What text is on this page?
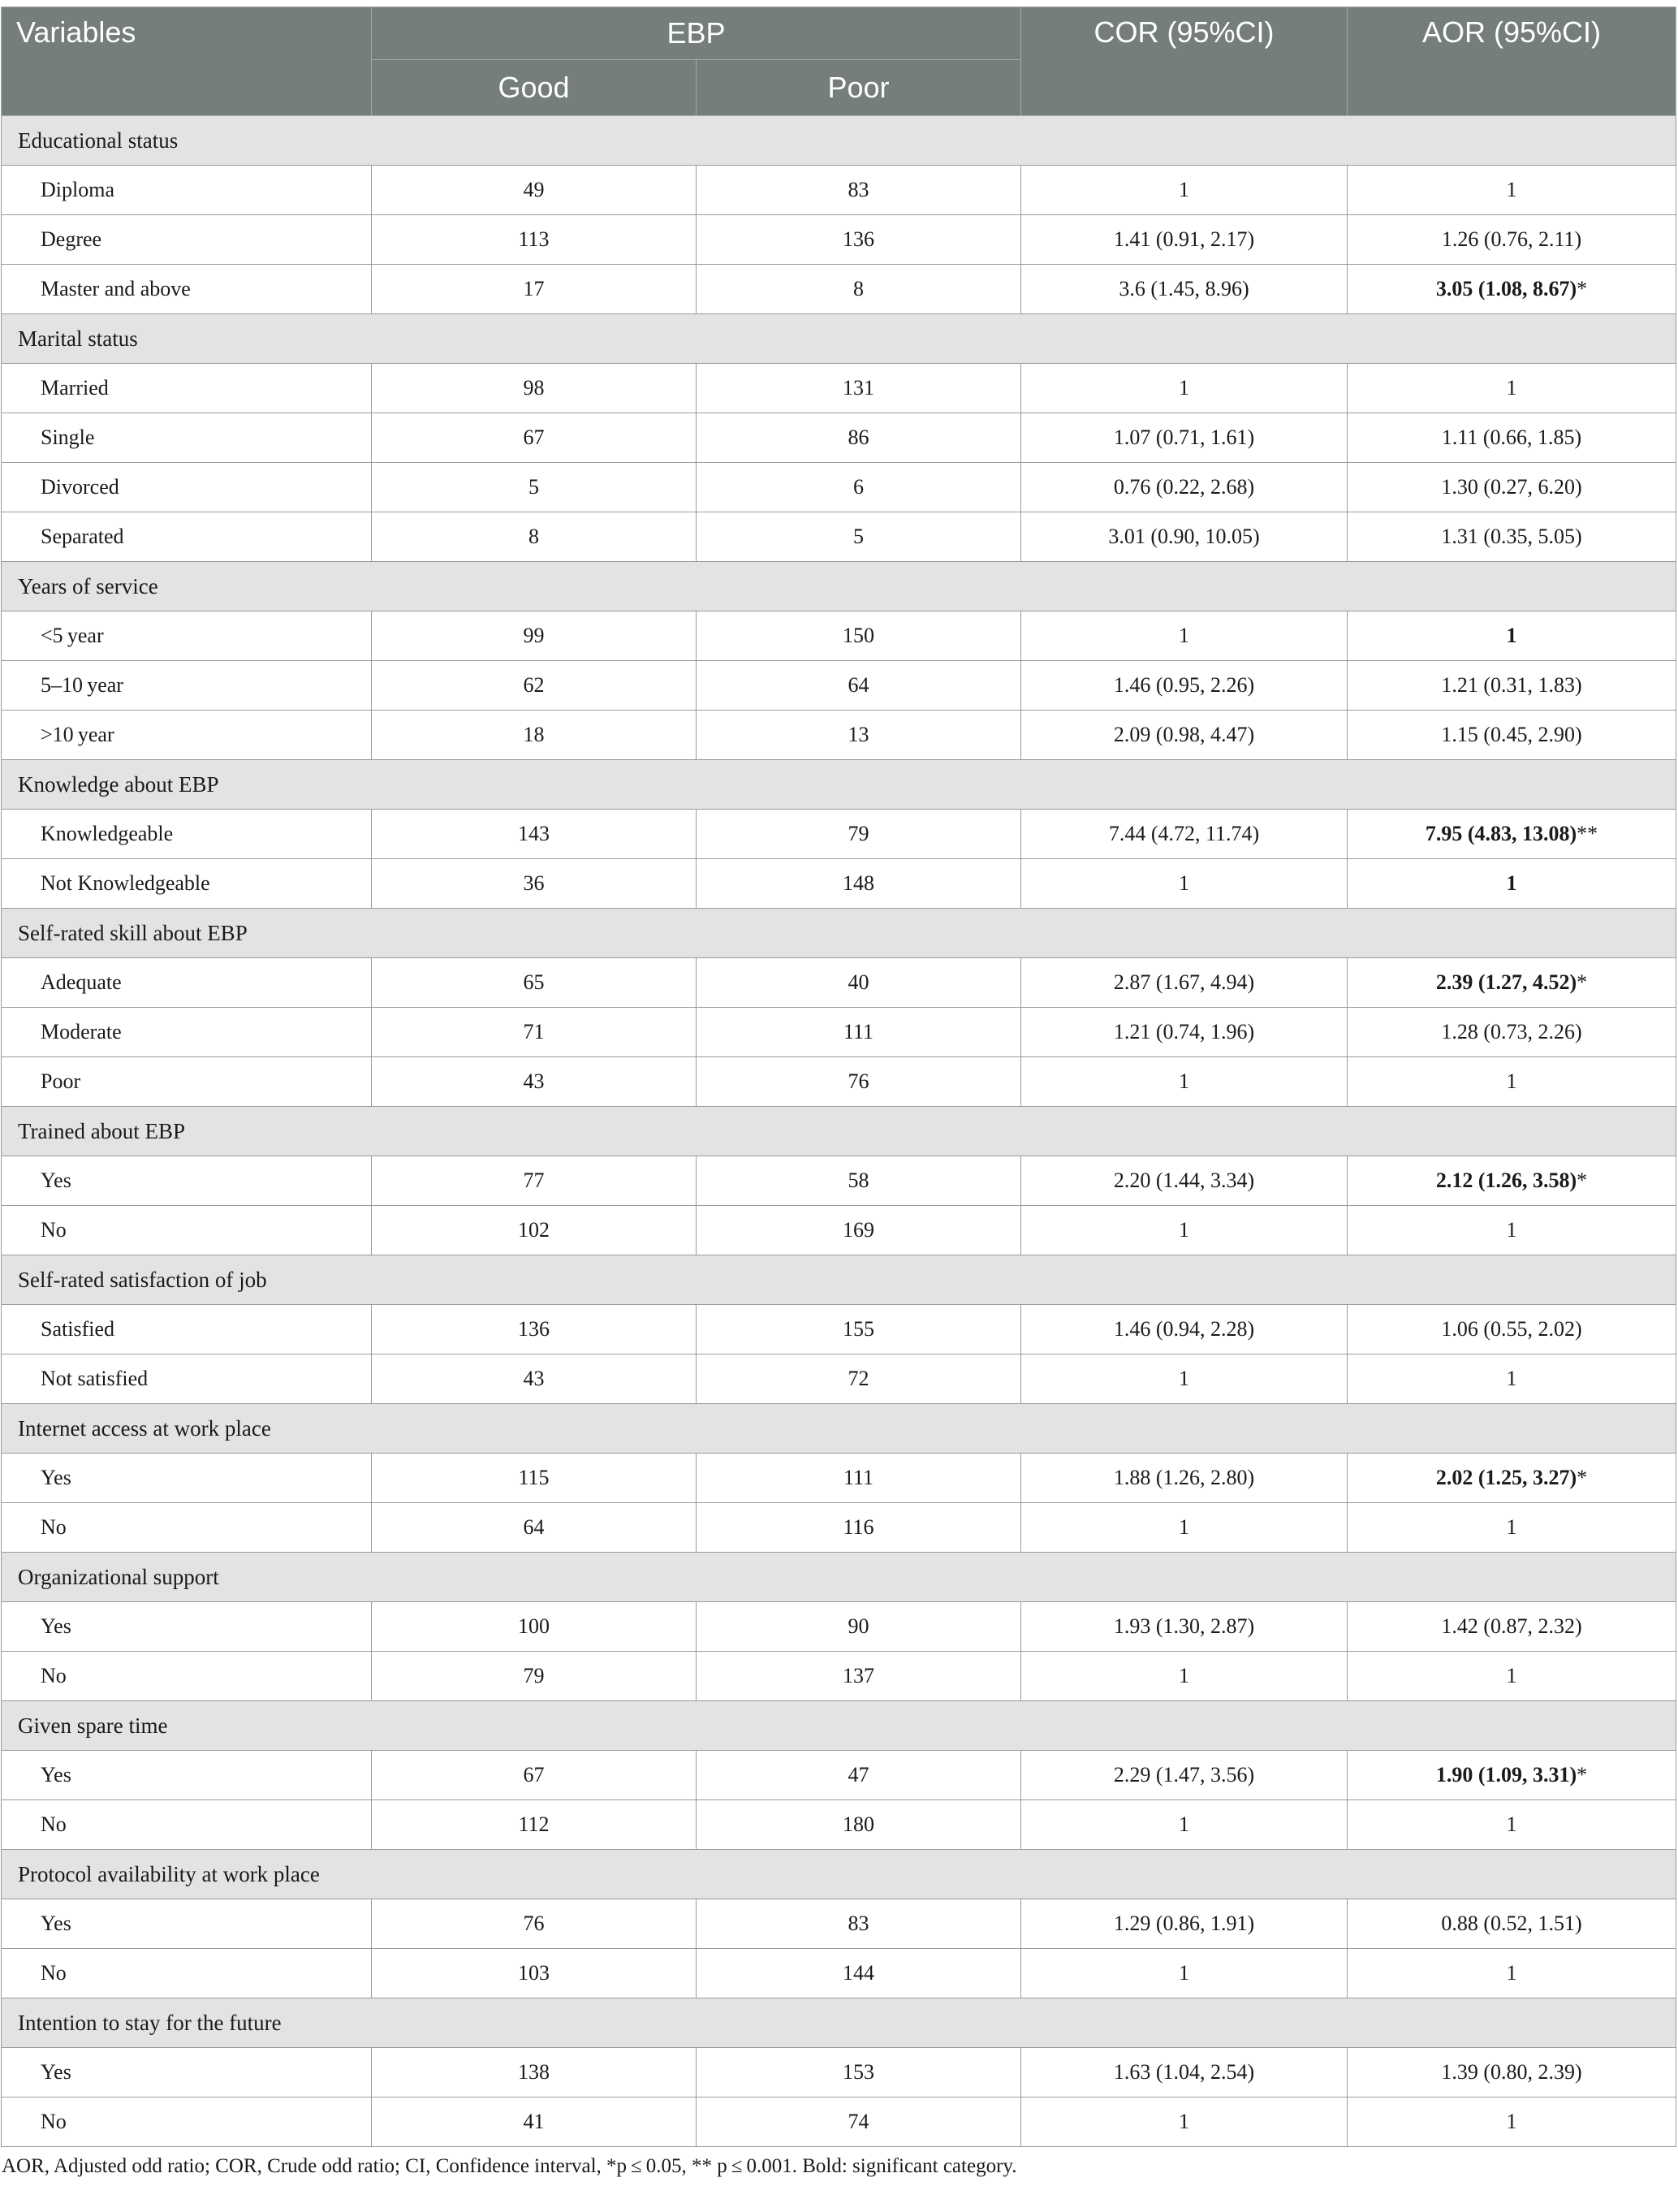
Variables	EBP		COR (95%CI)	AOR (95%CI)
	Good	Poor		
Educational status				
Diploma	49	83	1	1
Degree	113	136	1.41 (0.91, 2.17)	1.26 (0.76, 2.11)
Master and above	17	8	3.6 (1.45, 8.96)	3.05 (1.08, 8.67)*
Marital status				
Married	98	131	1	1
Single	67	86	1.07 (0.71, 1.61)	1.11 (0.66, 1.85)
Divorced	5	6	0.76 (0.22, 2.68)	1.30 (0.27, 6.20)
Separated	8	5	3.01 (0.90, 10.05)	1.31 (0.35, 5.05)
Years of service				
<5 year	99	150	1	1
5–10 year	62	64	1.46 (0.95, 2.26)	1.21 (0.31, 1.83)
>10 year	18	13	2.09 (0.98, 4.47)	1.15 (0.45, 2.90)
Knowledge about EBP				
Knowledgeable	143	79	7.44 (4.72, 11.74)	7.95 (4.83, 13.08)**
Not Knowledgeable	36	148	1	1
Self-rated skill about EBP				
Adequate	65	40	2.87 (1.67, 4.94)	2.39 (1.27, 4.52)*
Moderate	71	111	1.21 (0.74, 1.96)	1.28 (0.73, 2.26)
Poor	43	76	1	1
Trained about EBP				
Yes	77	58	2.20 (1.44, 3.34)	2.12 (1.26, 3.58)*
No	102	169	1	1
Self-rated satisfaction of job				
Satisfied	136	155	1.46 (0.94, 2.28)	1.06 (0.55, 2.02)
Not satisfied	43	72	1	1
Internet access at work place				
Yes	115	111	1.88 (1.26, 2.80)	2.02 (1.25, 3.27)*
No	64	116	1	1
Organizational support				
Yes	100	90	1.93 (1.30, 2.87)	1.42 (0.87, 2.32)
No	79	137	1	1
Given spare time				
Yes	67	47	2.29 (1.47, 3.56)	1.90 (1.09, 3.31)*
No	112	180	1	1
Protocol availability at work place				
Yes	76	83	1.29 (0.86, 1.91)	0.88 (0.52, 1.51)
No	103	144	1	1
Intention to stay for the future				
Yes	138	153	1.63 (1.04, 2.54)	1.39 (0.80, 2.39)
No	41	74	1	1
AOR, Adjusted odd ratio; COR, Crude odd ratio; CI, Confidence interval, *p ≤ 0.05, ** p ≤ 0.001. Bold: significant category.
